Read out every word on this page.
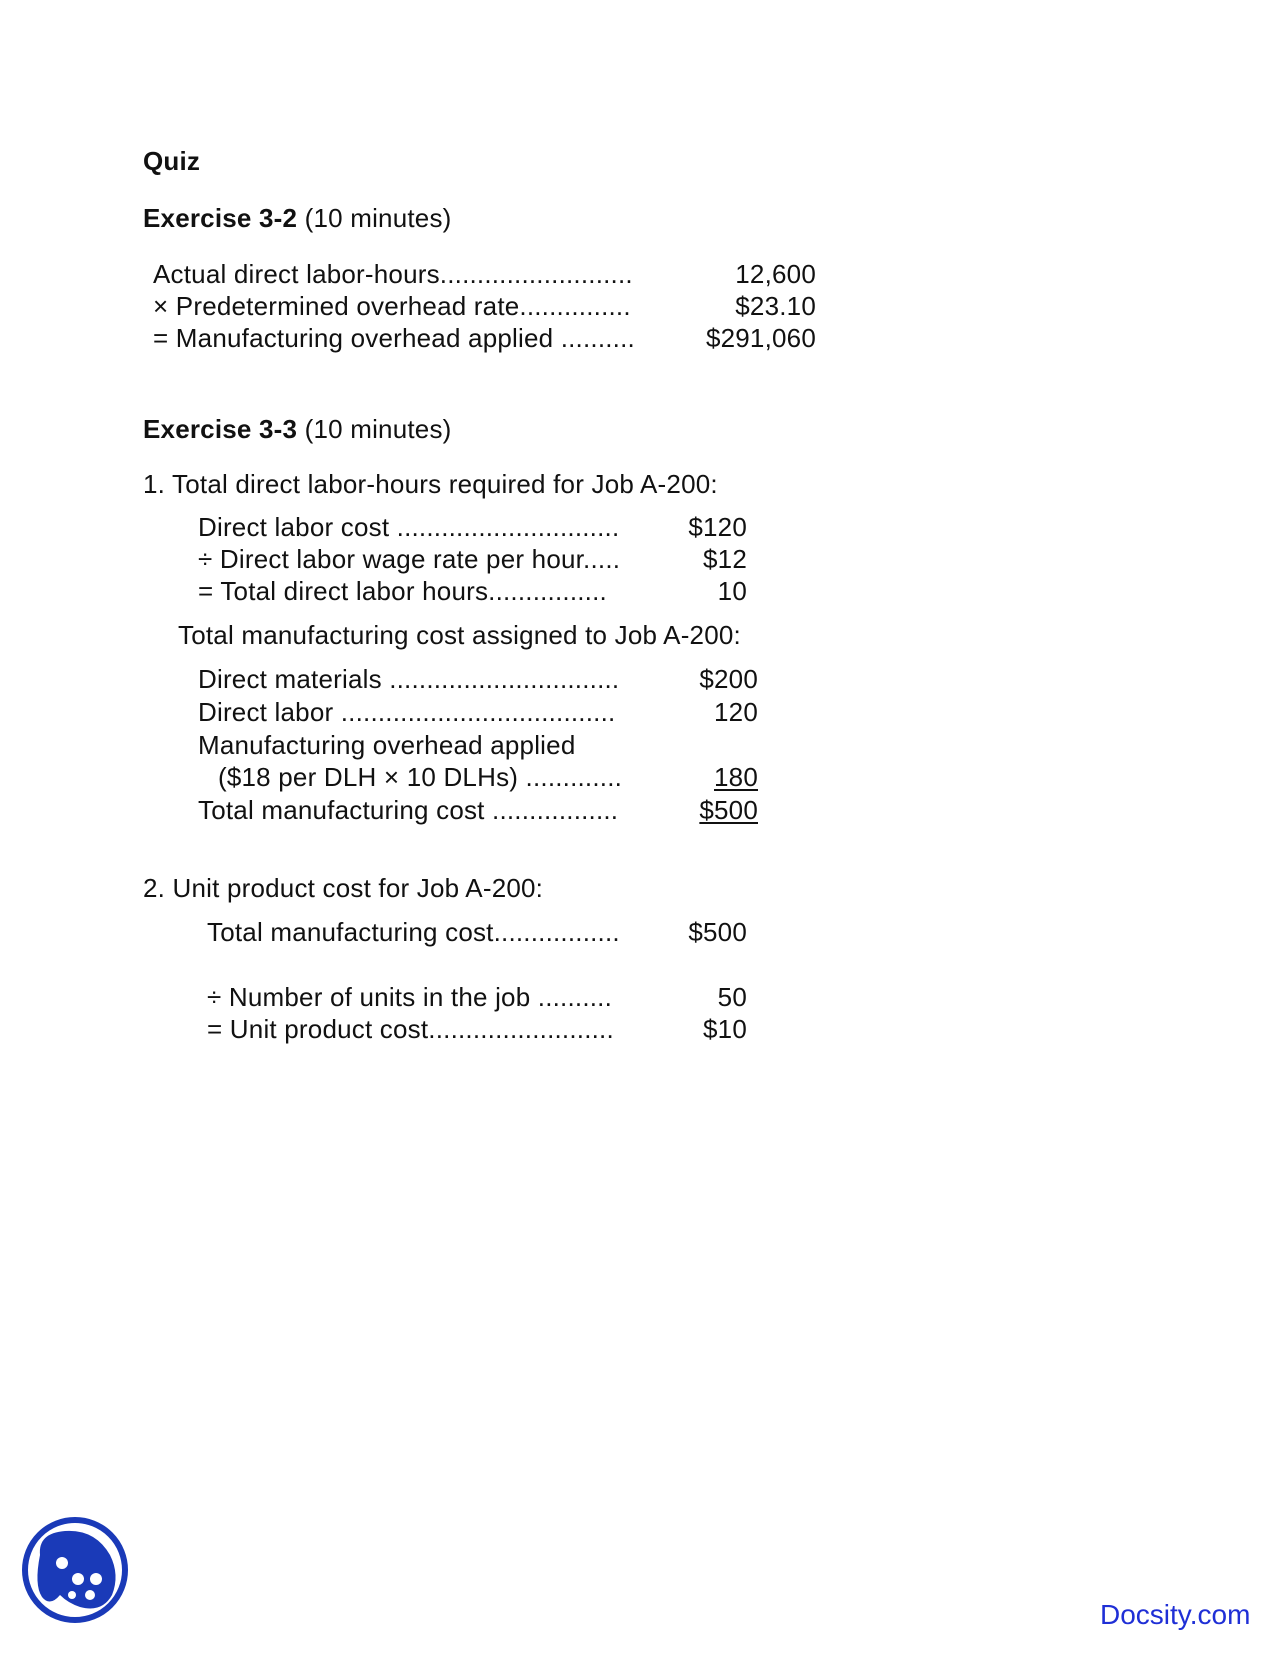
Quiz
Exercise 3-2 (10 minutes)
Actual direct labor-hours..........................	12,600
× Predetermined overhead rate...............	$23.10
= Manufacturing overhead applied ..........	$291,060
Exercise 3-3 (10 minutes)
1. Total direct labor-hours required for Job A-200:
Direct labor cost ..............................	$120
÷ Direct labor wage rate per hour.....	$12
= Total direct labor hours................	10
Total manufacturing cost assigned to Job A-200:
Direct materials ...............................	$200
Direct labor .....................................	120
Manufacturing overhead applied
($18 per DLH × 10 DLHs) .............	180
Total manufacturing cost .................	$500
2. Unit product cost for Job A-200:
Total manufacturing cost.................	$500
÷ Number of units in the job ..........	50
= Unit product cost.........................	$10
Docsity.com
